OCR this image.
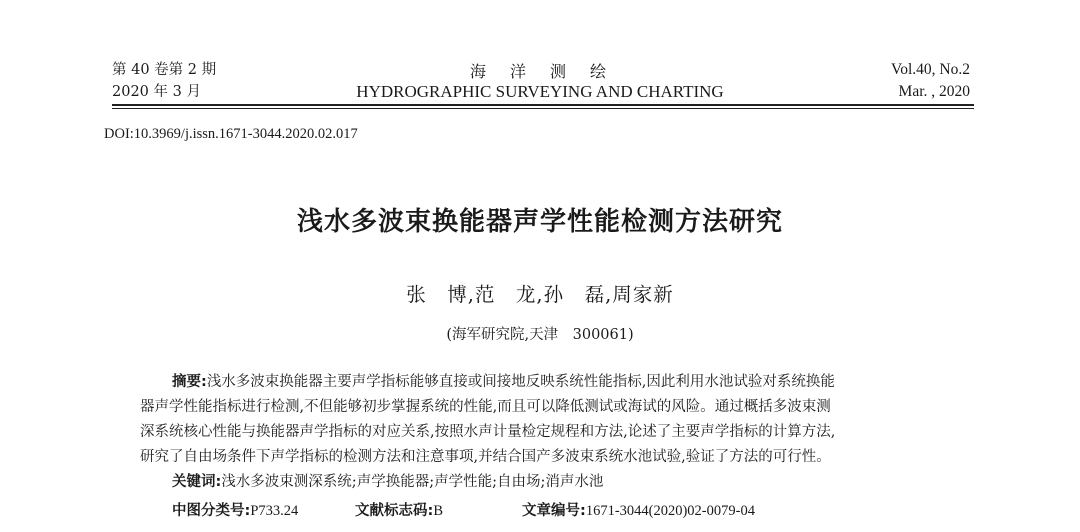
第 40 卷第 2 期
2020 年 3 月
海　洋　测　绘
HYDROGRAPHIC SURVEYING AND CHARTING
Vol.40, No.2
Mar. , 2020
DOI:10.3969/j.issn.1671-3044.2020.02.017
浅水多波束换能器声学性能检测方法研究
张　博,范　龙,孙　磊,周家新
(海军研究院,天津　300061)
摘要:浅水多波束换能器主要声学指标能够直接或间接地反映系统性能指标,因此利用水池试验对系统换能
器声学性能指标进行检测,不但能够初步掌握系统的性能,而且可以降低测试或海试的风险。通过概括多波束测
深系统核心性能与换能器声学指标的对应关系,按照水声计量检定规程和方法,论述了主要声学指标的计算方法,
研究了自由场条件下声学指标的检测方法和注意事项,并结合国产多波束系统水池试验,验证了方法的可行性。
关键词:浅水多波束测深系统;声学换能器;声学性能;自由场;消声水池
中图分类号:P733.24	文献标志码:B	文章编号:1671-3044(2020)02-0079-04
